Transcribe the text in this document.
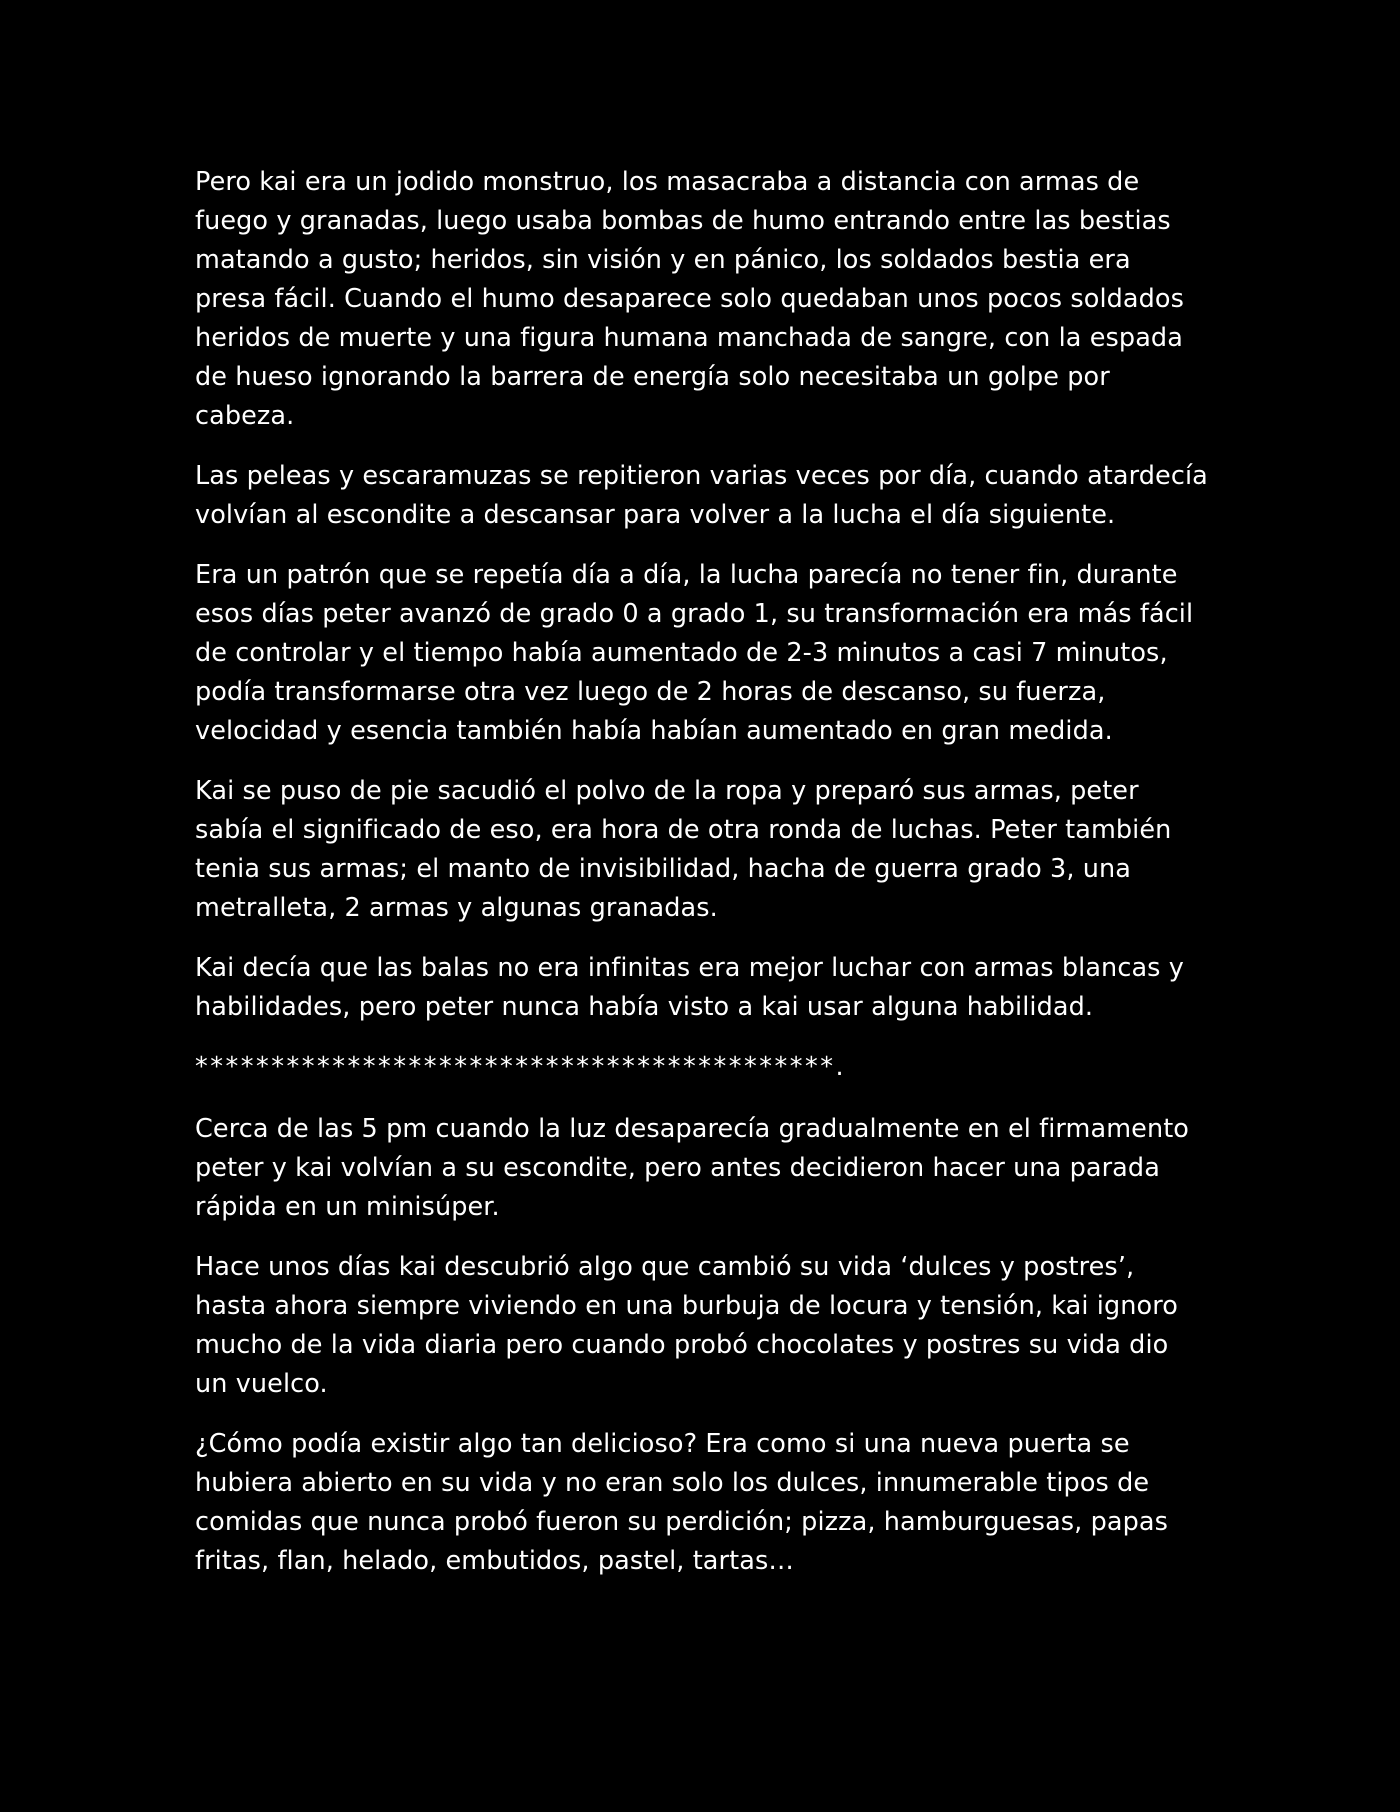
Pero kai era un jodido monstruo, los masacraba a distancia con armas de
fuego y granadas, luego usaba bombas de humo entrando entre las bestias
matando a gusto; heridos, sin visión y en pánico, los soldados bestia era
presa fácil. Cuando el humo desaparece solo quedaban unos pocos soldados
heridos de muerte y una figura humana manchada de sangre, con la espada
de hueso ignorando la barrera de energía solo necesitaba un golpe por
cabeza.
Las peleas y escaramuzas se repitieron varias veces por día, cuando atardecía
volvían al escondite a descansar para volver a la lucha el día siguiente.
Era un patrón que se repetía día a día, la lucha parecía no tener fin, durante
esos días peter avanzó de grado 0 a grado 1, su transformación era más fácil
de controlar y el tiempo había aumentado de 2-3 minutos a casi 7 minutos,
podía transformarse otra vez luego de 2 horas de descanso, su fuerza,
velocidad y esencia también había habían aumentado en gran medida.
Kai se puso de pie sacudió el polvo de la ropa y preparó sus armas, peter
sabía el significado de eso, era hora de otra ronda de luchas. Peter también
tenia sus armas; el manto de invisibilidad, hacha de guerra grado 3, una
metralleta, 2 armas y algunas granadas.
Kai decía que las balas no era infinitas era mejor luchar con armas blancas y
habilidades, pero peter nunca había visto a kai usar alguna habilidad.
******************************************.
Cerca de las 5 pm cuando la luz desaparecía gradualmente en el firmamento
peter y kai volvían a su escondite, pero antes decidieron hacer una parada
rápida en un minisúper.
Hace unos días kai descubrió algo que cambió su vida ‘dulces y postres’,
hasta ahora siempre viviendo en una burbuja de locura y tensión, kai ignoro
mucho de la vida diaria pero cuando probó chocolates y postres su vida dio
un vuelco.
¿Cómo podía existir algo tan delicioso? Era como si una nueva puerta se
hubiera abierto en su vida y no eran solo los dulces, innumerable tipos de
comidas que nunca probó fueron su perdición; pizza, hamburguesas, papas
fritas, flan, helado, embutidos, pastel, tartas…
